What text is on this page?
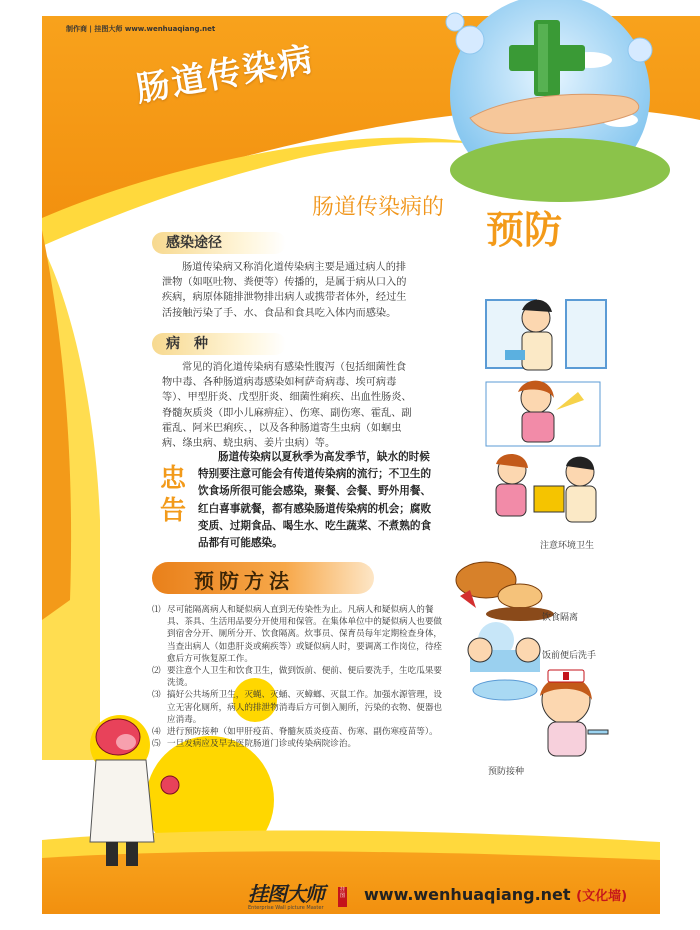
制作商 | 挂图大师 www.wenhuaqiang.net
肠道传染病
肠道传染病的
预防
感染途径
肠道传染病又称消化道传染病主要是通过病人的排泄物（如呕吐物、粪便等）传播的，是属于病从口入的疾病，病原体随排泄物排出病人或携带者体外，经过生活接触污染了手、水、食品和食具吃入体内而感染。
病　种
常见的消化道传染病有感染性腹泻（包括细菌性食物中毒、各种肠道病毒感染如柯萨奇病毒、埃可病毒等）、甲型肝炎、戊型肝炎、细菌性痢疾、出血性肠炎、脊髓灰质炎（即小儿麻痹症）、伤寒、副伤寒、霍乱、副霍乱、阿米巴痢疾、，以及各种肠道寄生虫病（如蛔虫病、绦虫病、蛲虫病、姜片虫病）等。
忠
告
肠道传染病以夏秋季为高发季节，缺水的时候特别要注意可能会有传道传染病的流行；不卫生的饮食场所很可能会感染，聚餐、会餐、野外用餐、红白喜事就餐，都有感染肠道传染病的机会；腐败变质、过期食品、喝生水、吃生蔬菜、不煮熟的食品都有可能感染。
预防方法
⑴ 尽可能隔离病人和疑似病人直到无传染性为止。凡病人和疑似病人的餐具、茶具、生活用品要分开使用和保管。在集体单位中的疑似病人也要做到宿舍分开、厕所分开、饮食隔离。炊事员、保育员每年定期检查身体，当查出病人（如患肝炎或痢疾等）或疑似病人时，要调离工作岗位，待痊愈后方可恢复原工作。
⑵ 要注意个人卫生和饮食卫生，做到饭前、便前、便后要洗手，生吃瓜果要洗烫。
⑶ 搞好公共场所卫生，灭蝇、灭蛹、灭蟑螂、灭鼠工作。加强水源管理，设立无害化厕所，病人的排泄物消毒后方可倒入厕所，污染的衣物、便器也应消毒。
⑷ 进行预防接种（如甲肝疫苗、脊髓灰质炎疫苗、伤寒、副伤寒疫苗等）。
⑸ 一旦发病应及早去医院肠道门诊或传染病院诊治。
注意环境卫生
饮食隔离
饭前便后洗手
预防接种
挂图大师
Enterprise Wall picture Master
挂图 www.wenhuaqiang.net (文化墙)
